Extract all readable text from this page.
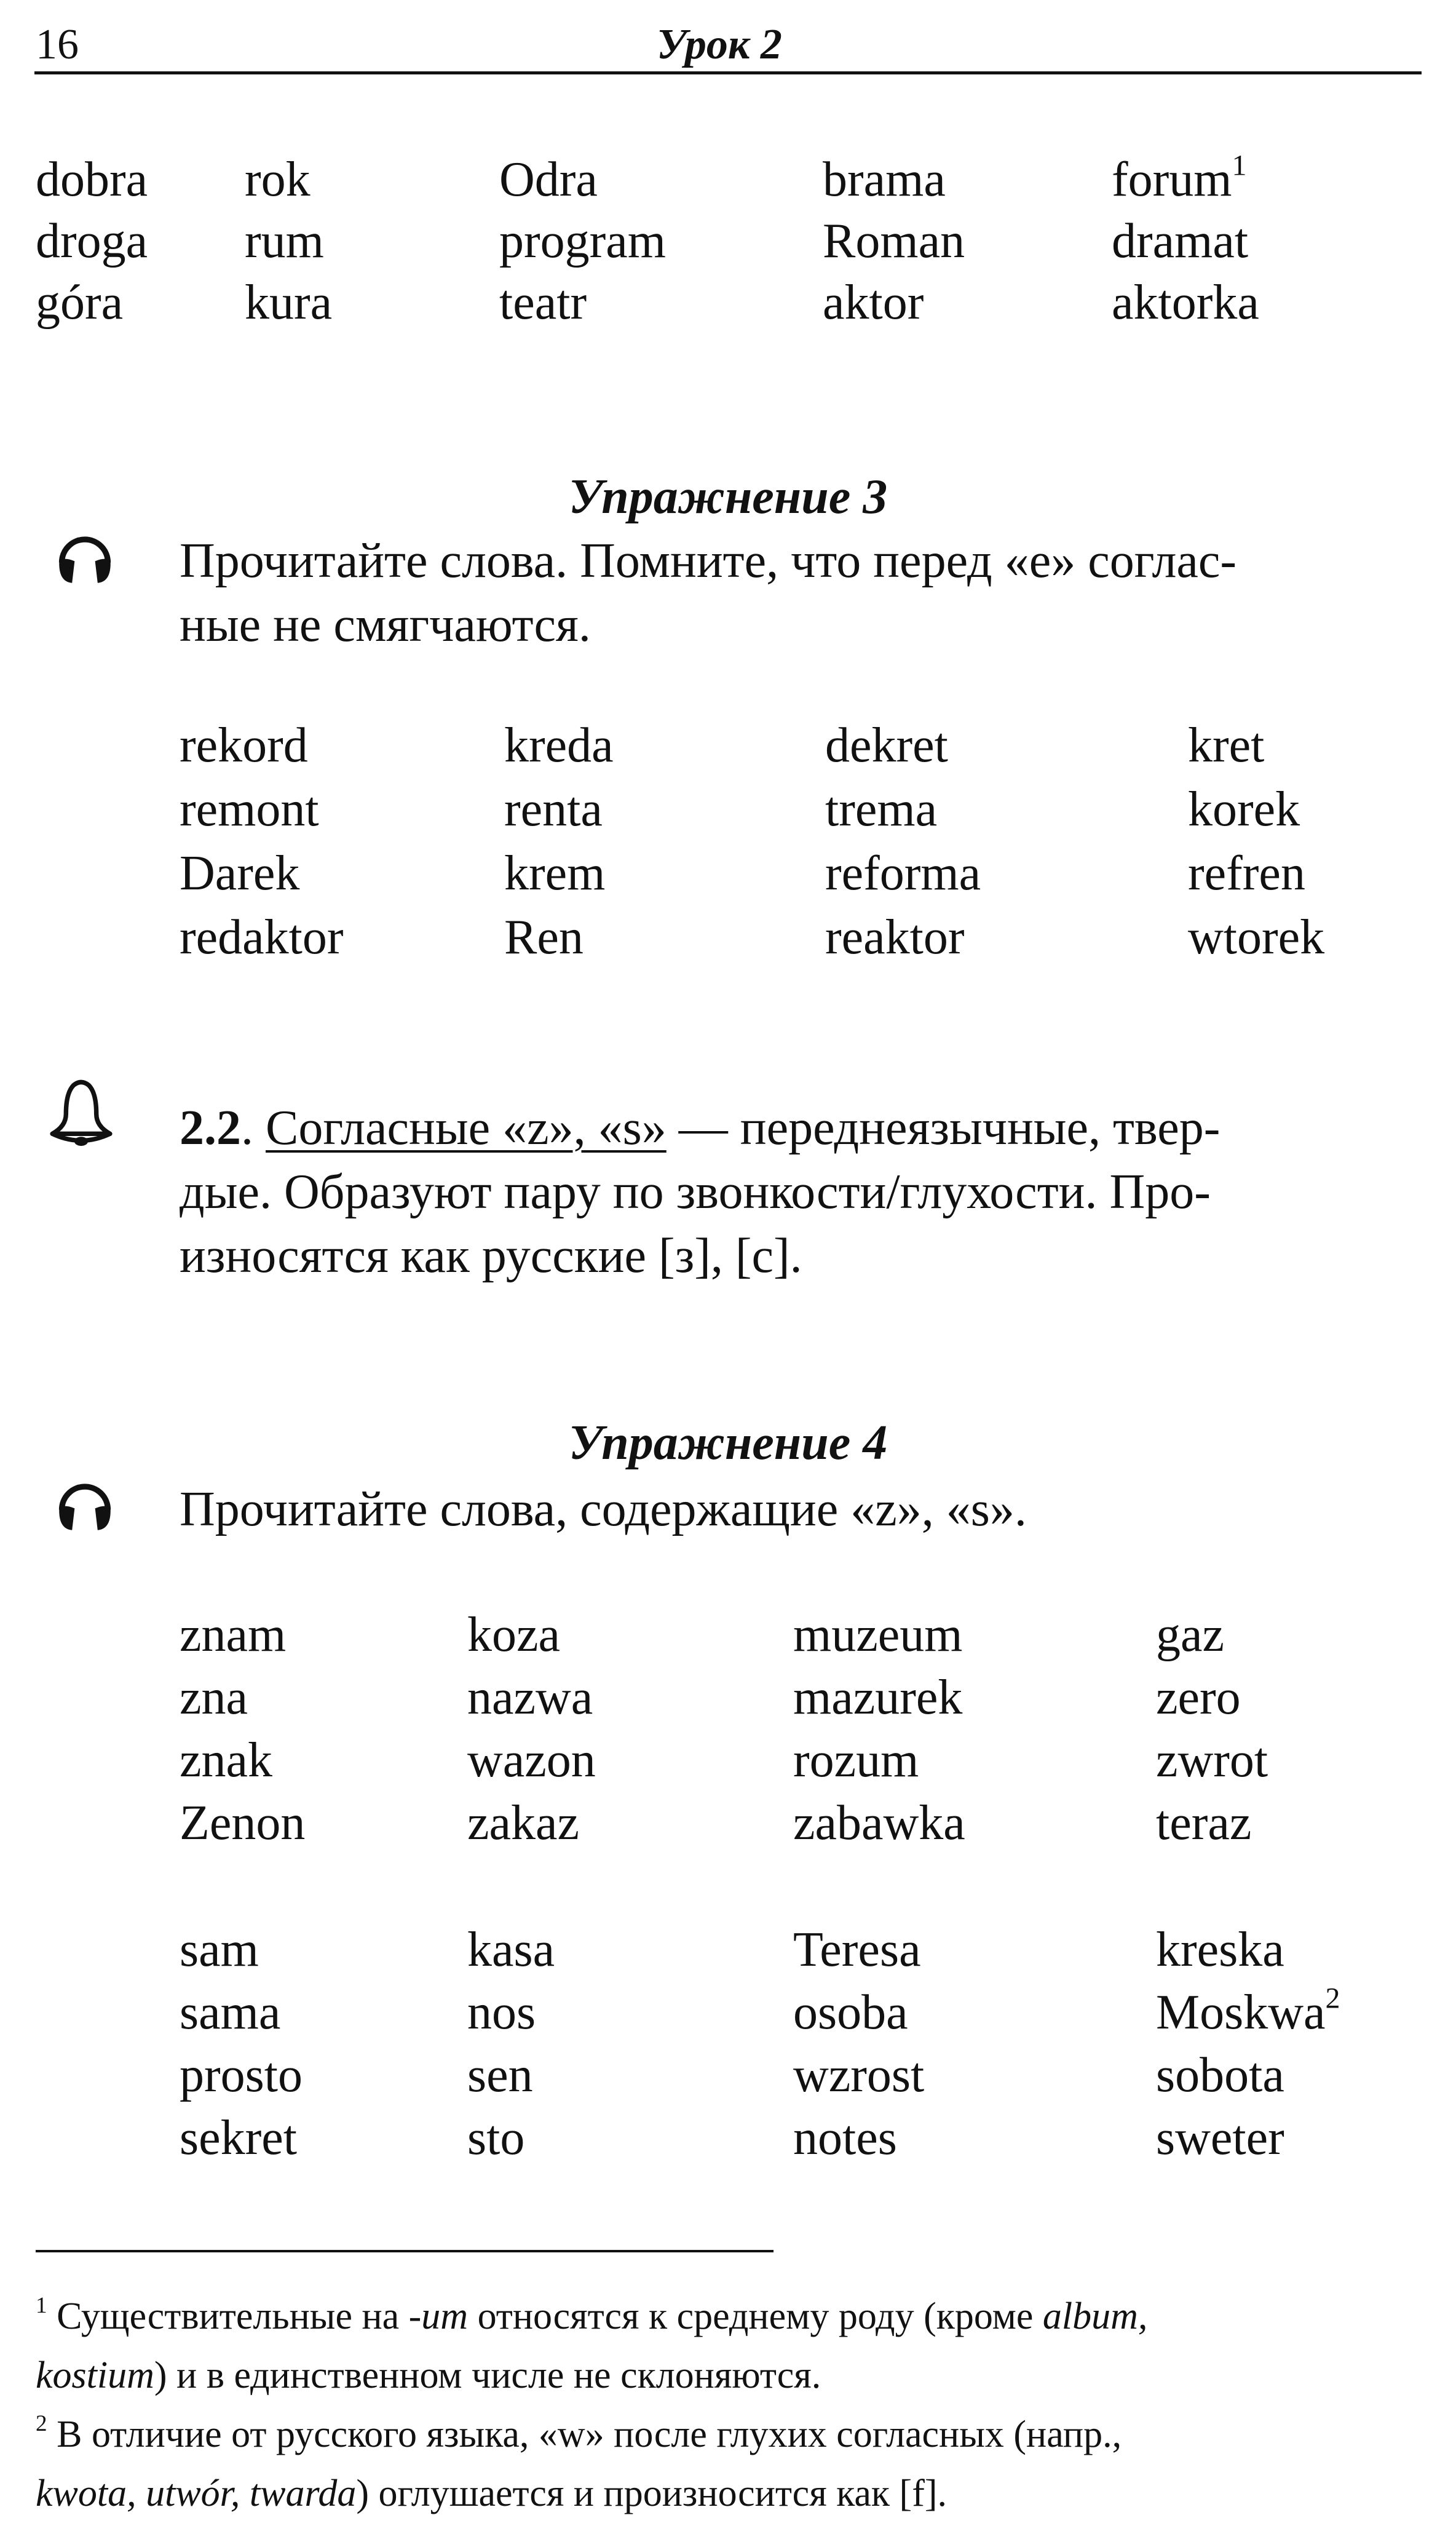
16	Урок 2
dobra
droga
góra
rok
rum
kura
Odra
program
teatr
brama
Roman
aktor
forum$^1$
dramat
aktorka
Упражнение 3
Прочитайте слова. Помните, что перед «е» соглас-
ные не смягчаются.
rekord
remont
Darek
redaktor
kreda
renta
krem
Ren
dekret
trema
reforma
reaktor
kret
korek
refren
wtorek
2.2. Согласные «z», «s» — переднеязычные, твер-
дые. Образуют пару по звонкости/глухости. Про-
износятся как русские [з], [с].
Упражнение 4
Прочитайте слова, содержащие «z», «s».
znam
zna
znak
Zenon
koza
nazwa
wazon
zakaz
muzeum
mazurek
rozum
zabawka
gaz
zero
zwrot
teraz
sam
sama
prosto
sekret
kasa
nos
sen
sto
Teresa
osoba
wzrost
notes
kreska
Moskwa$^2$
sobota
sweter
$^1$ Существительные на -um относятся к среднему роду (кроме album,
kostium) и в единственном числе не склоняются.
$^2$ В отличие от русского языка, «w» после глухих согласных (напр.,
kwota, utwór, twarda) оглушается и произносится как [f].
